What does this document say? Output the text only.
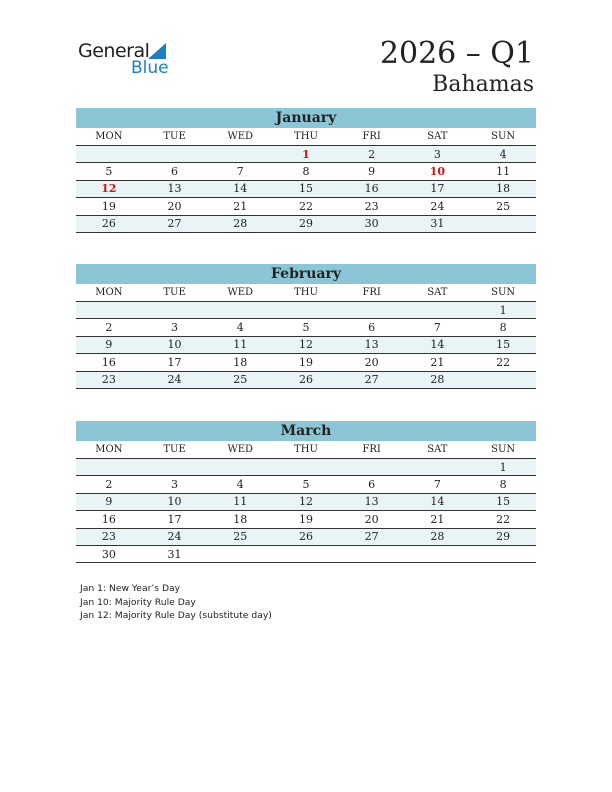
General
Blue	2026 – Q1
Bahamas
January
MON	TUE	WED	THU	FRI	SAT	SUN
			1	2	3	4
5	6	7	8	9	10	11
12	13	14	15	16	17	18
19	20	21	22	23	24	25
26	27	28	29	30	31	
February
MON	TUE	WED	THU	FRI	SAT	SUN
						1
2	3	4	5	6	7	8
9	10	11	12	13	14	15
16	17	18	19	20	21	22
23	24	25	26	27	28	
March
MON	TUE	WED	THU	FRI	SAT	SUN
						1
2	3	4	5	6	7	8
9	10	11	12	13	14	15
16	17	18	19	20	21	22
23	24	25	26	27	28	29
30	31					
Jan 1: New Year’s Day
Jan 10: Majority Rule Day
Jan 12: Majority Rule Day (substitute day)
